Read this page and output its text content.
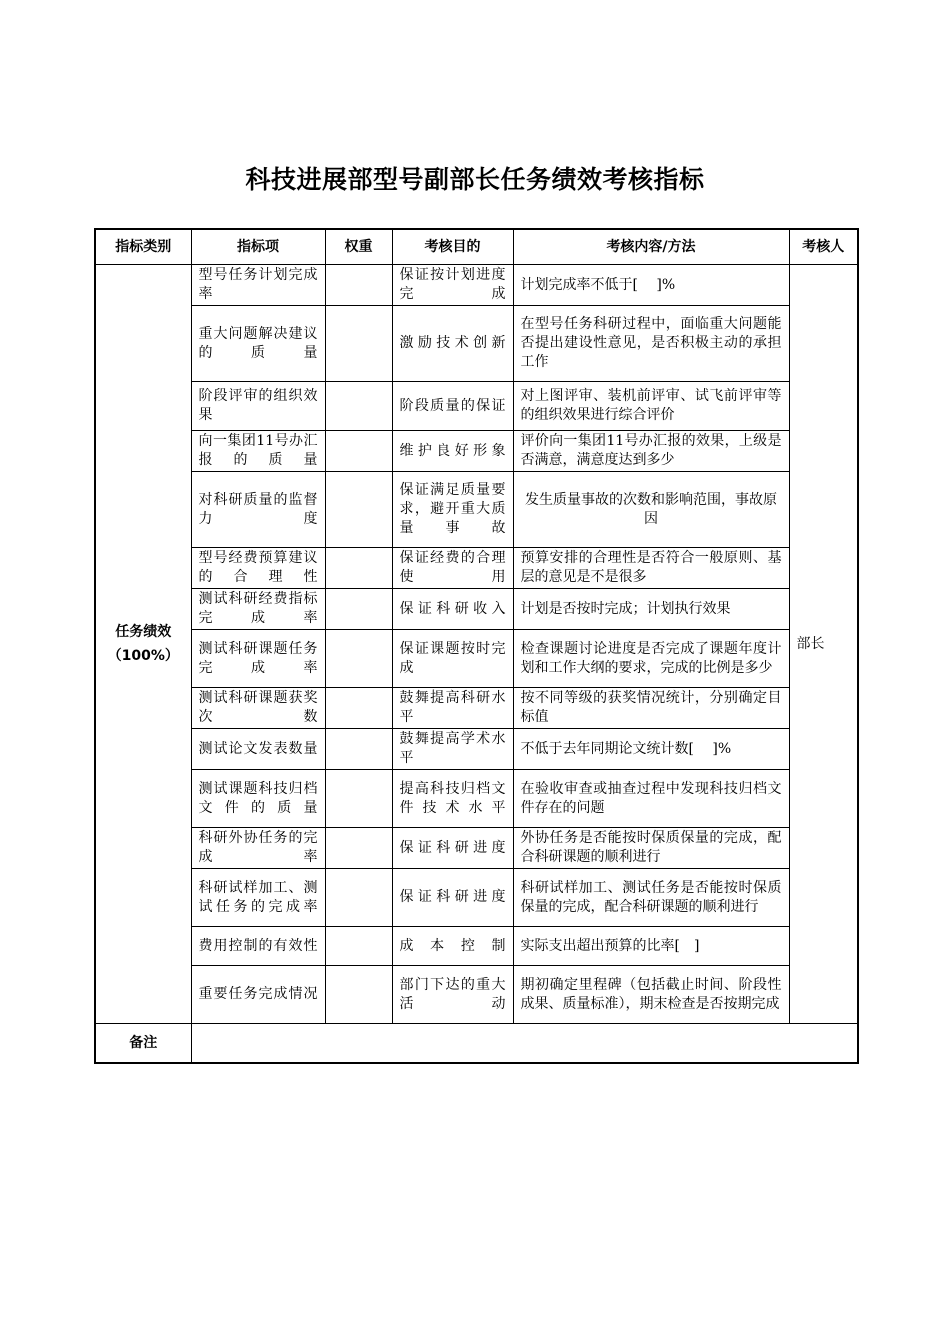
科技进展部型号副部长任务绩效考核指标
指标类别	指标项	权重	考核目的	考核内容/方法	考核人

任务绩效
（100%）	型号任务计划完成率		保证按计划进度完成	计划完成率不低于[　 ]%	部长
	重大问题解决建议的质量		激励技术创新	在型号任务科研过程中，面临重大问题能否提出建设性意见，是否积极主动的承担工作	
	阶段评审的组织效果		阶段质量的保证	对上图评审、装机前评审、试飞前评审等的组织效果进行综合评价	
	向一集团11号办汇报的质量		维护良好形象	评价向一集团11号办汇报的效果，上级是否满意，满意度达到多少	
	对科研质量的监督力度		保证满足质量要求，避开重大质量事故	发生质量事故的次数和影响范围，事故原因	
	型号经费预算建议的合理性		保证经费的合理使用	预算安排的合理性是否符合一般原则、基层的意见是不是很多	
	测试科研经费指标完成率		保证科研收入	计划是否按时完成；计划执行效果	
	测试科研课题任务完成率		保证课题按时完成	检查课题讨论进度是否完成了课题年度计划和工作大纲的要求，完成的比例是多少	
	测试科研课题获奖次数		鼓舞提高科研水平	按不同等级的获奖情况统计，分别确定目标值	
	测试论文发表数量		鼓舞提高学术水平	不低于去年同期论文统计数[　 ]%	
	测试课题科技归档文件的质量		提高科技归档文件技术水平	在验收审查或抽查过程中发现科技归档文件存在的问题	
	科研外协任务的完成率		保证科研进度	外协任务是否能按时保质保量的完成，配合科研课题的顺利进行	
	科研试样加工、测试任务的完成率		保证科研进度	科研试样加工、测试任务是否能按时保质保量的完成，配合科研课题的顺利进行	
	费用控制的有效性		成本控制	实际支出超出预算的比率[　]	
	重要任务完成情况		部门下达的重大活动	期初确定里程碑（包括截止时间、阶段性成果、质量标准），期末检查是否按期完成	
备注					
